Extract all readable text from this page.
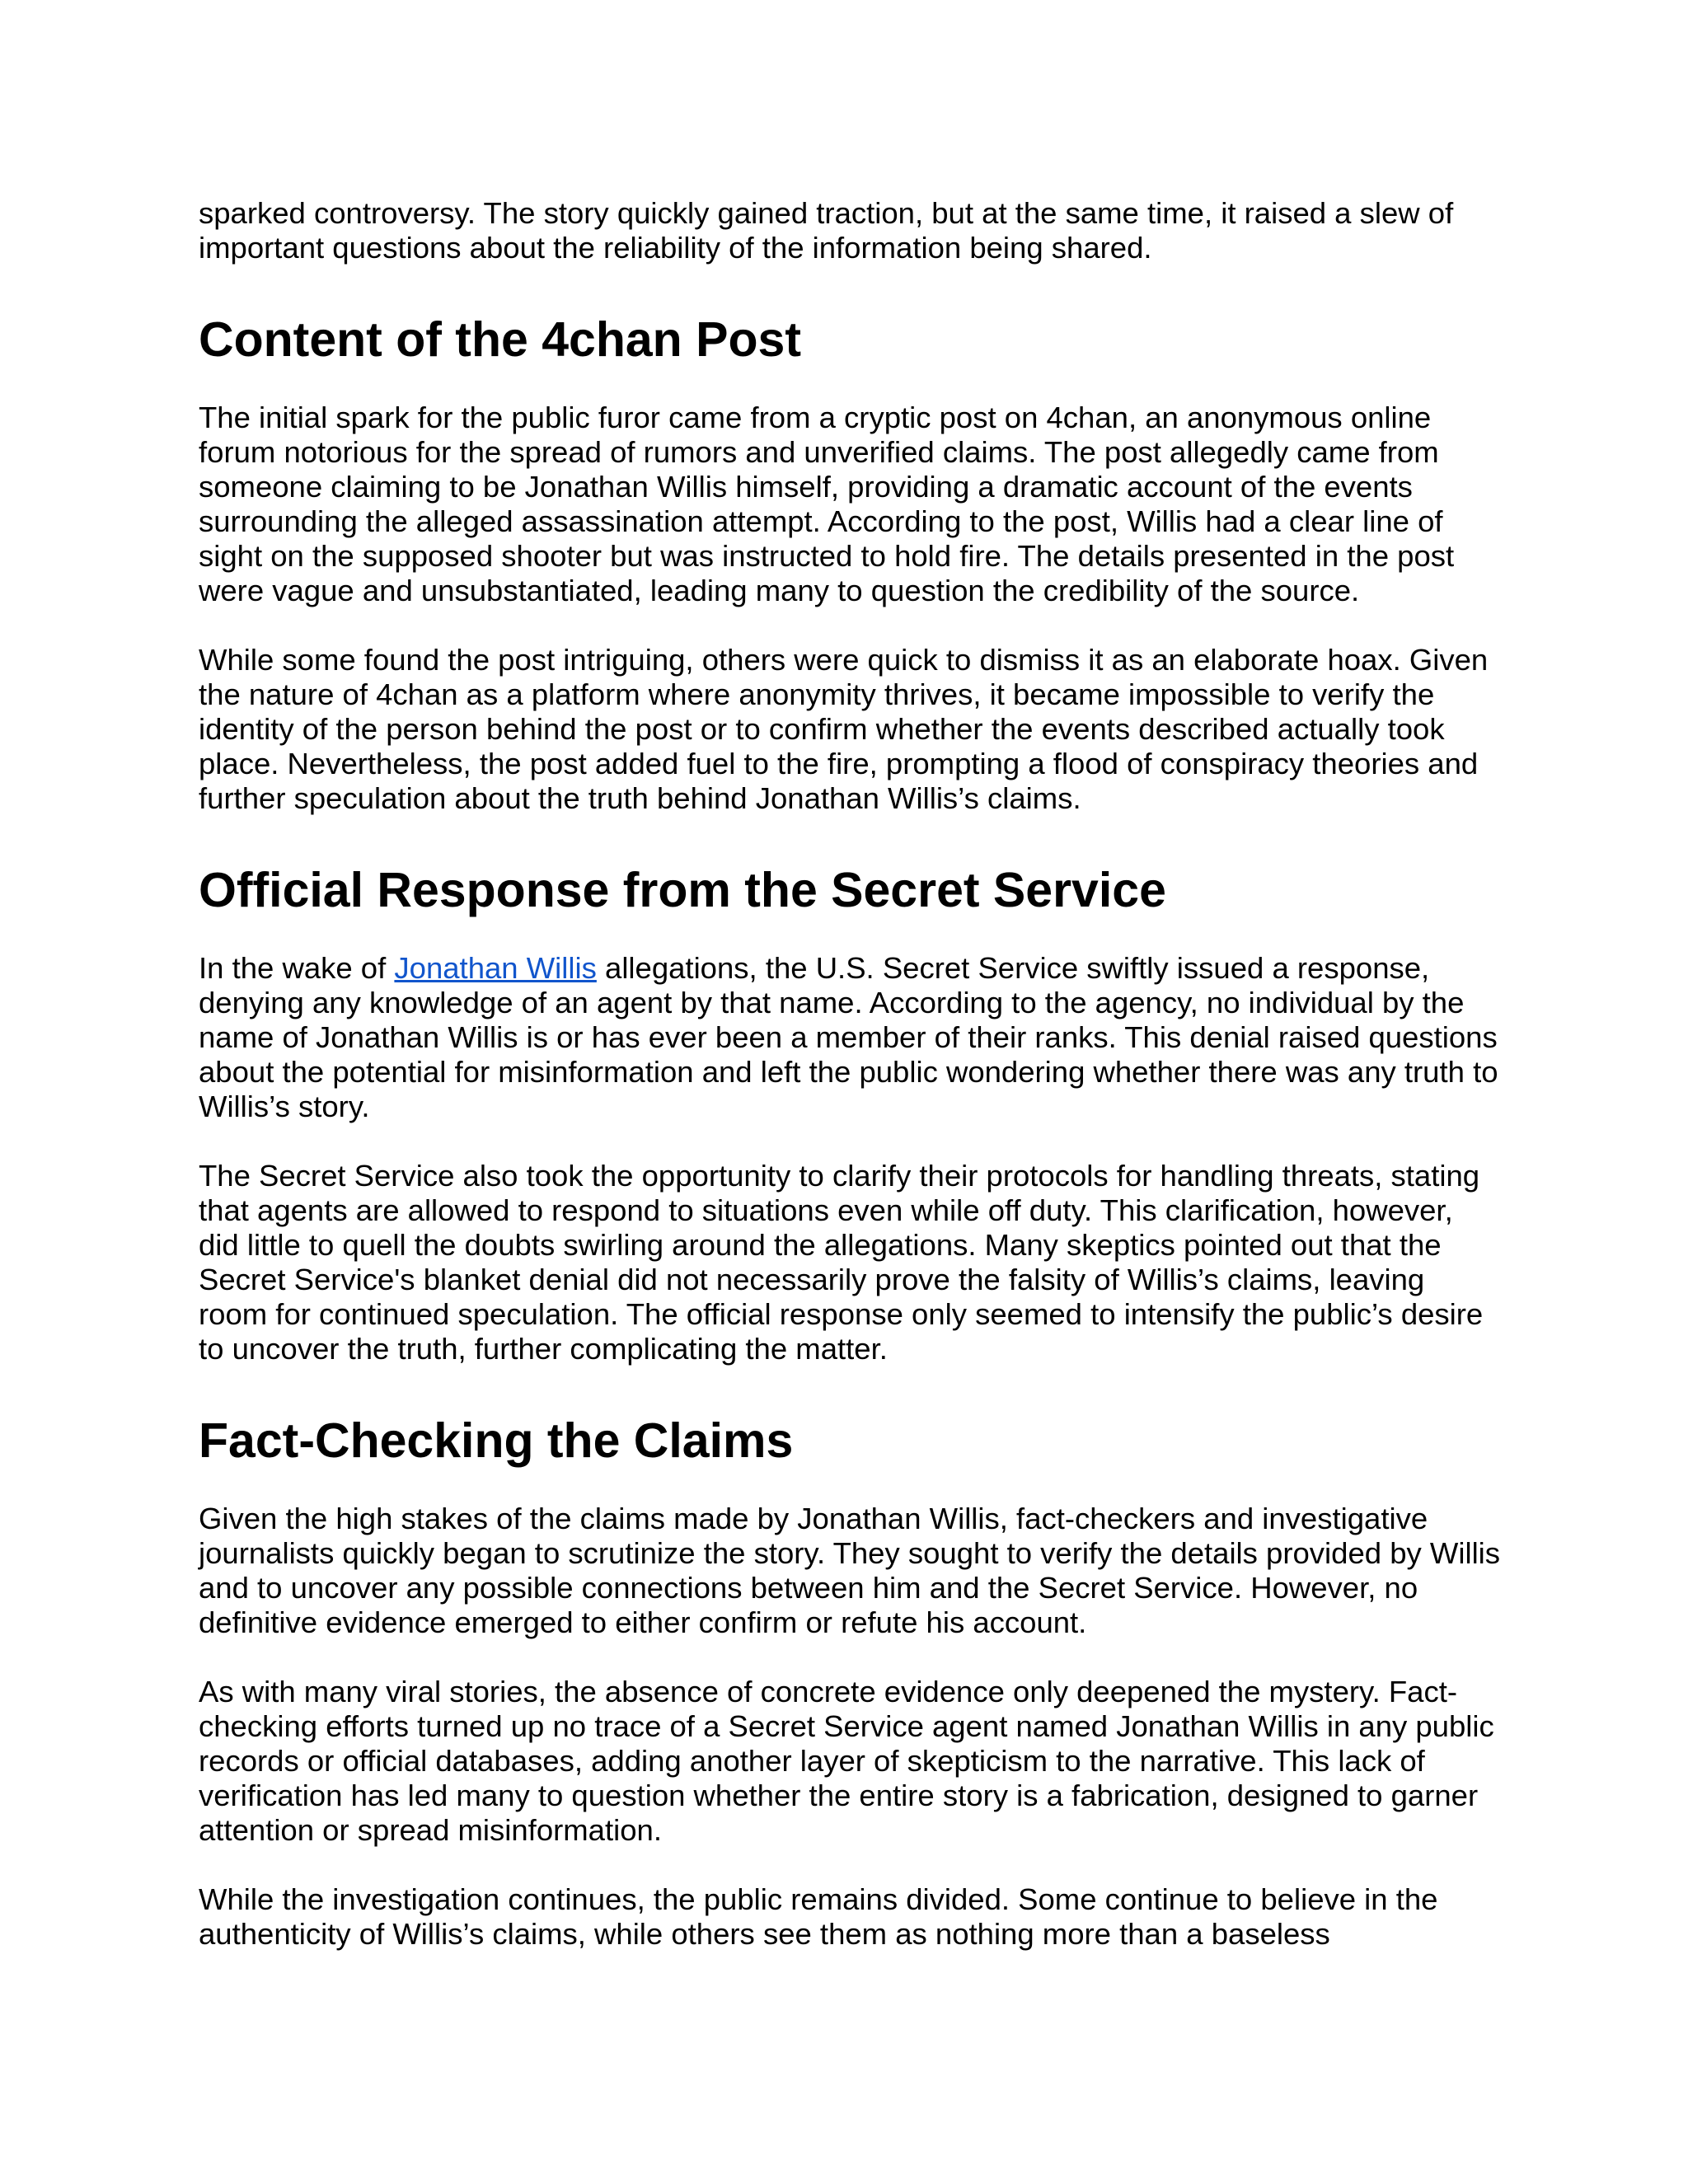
sparked controversy. The story quickly gained traction, but at the same time, it raised a slew of important questions about the reliability of the information being shared.

Content of the 4chan Post

The initial spark for the public furor came from a cryptic post on 4chan, an anonymous online forum notorious for the spread of rumors and unverified claims. The post allegedly came from someone claiming to be Jonathan Willis himself, providing a dramatic account of the events surrounding the alleged assassination attempt. According to the post, Willis had a clear line of sight on the supposed shooter but was instructed to hold fire. The details presented in the post were vague and unsubstantiated, leading many to question the credibility of the source.

While some found the post intriguing, others were quick to dismiss it as an elaborate hoax. Given the nature of 4chan as a platform where anonymity thrives, it became impossible to verify the identity of the person behind the post or to confirm whether the events described actually took place. Nevertheless, the post added fuel to the fire, prompting a flood of conspiracy theories and further speculation about the truth behind Jonathan Willis’s claims.

Official Response from the Secret Service

In the wake of Jonathan Willis allegations, the U.S. Secret Service swiftly issued a response, denying any knowledge of an agent by that name. According to the agency, no individual by the name of Jonathan Willis is or has ever been a member of their ranks. This denial raised questions about the potential for misinformation and left the public wondering whether there was any truth to Willis’s story.

The Secret Service also took the opportunity to clarify their protocols for handling threats, stating that agents are allowed to respond to situations even while off duty. This clarification, however, did little to quell the doubts swirling around the allegations. Many skeptics pointed out that the Secret Service's blanket denial did not necessarily prove the falsity of Willis’s claims, leaving room for continued speculation. The official response only seemed to intensify the public’s desire to uncover the truth, further complicating the matter.

Fact-Checking the Claims

Given the high stakes of the claims made by Jonathan Willis, fact-checkers and investigative journalists quickly began to scrutinize the story. They sought to verify the details provided by Willis and to uncover any possible connections between him and the Secret Service. However, no definitive evidence emerged to either confirm or refute his account.

As with many viral stories, the absence of concrete evidence only deepened the mystery. Fact-checking efforts turned up no trace of a Secret Service agent named Jonathan Willis in any public records or official databases, adding another layer of skepticism to the narrative. This lack of verification has led many to question whether the entire story is a fabrication, designed to garner attention or spread misinformation.

While the investigation continues, the public remains divided. Some continue to believe in the authenticity of Willis’s claims, while others see them as nothing more than a baseless
